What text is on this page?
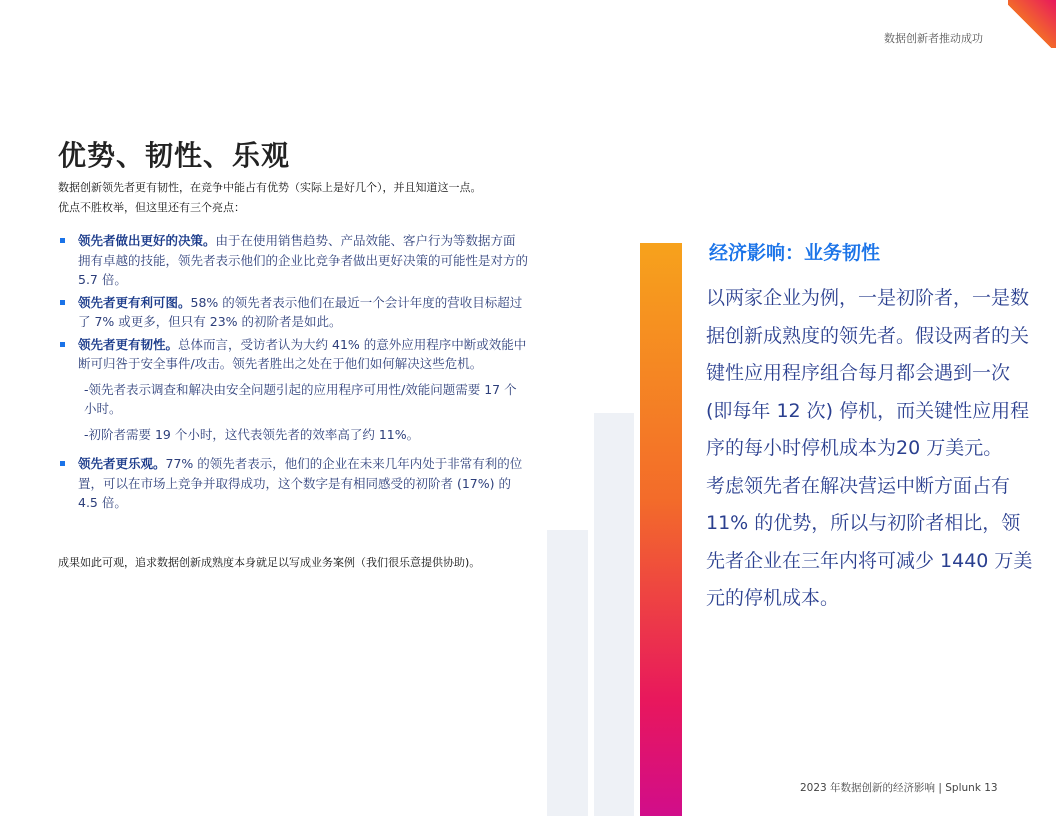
数据创新者推动成功
优势、韧性、乐观
数据创新领先者更有韧性，在竞争中能占有优势（实际上是好几个），并且知道这一点。
优点不胜枚举，但这里还有三个亮点：
领先者做出更好的决策。由于在使用销售趋势、产品效能、客户行为等数据方面拥有卓越的技能，领先者表示他们的企业比竞争者做出更好决策的可能性是对方的 5.7 倍。
领先者更有利可图。58% 的领先者表示他们在最近一个会计年度的营收目标超过了 7% 或更多，但只有 23% 的初阶者是如此。
领先者更有韧性。总体而言，受访者认为大约 41% 的意外应用程序中断或效能中断可归咎于安全事件/攻击。领先者胜出之处在于他们如何解决这些危机。
-领先者表示调查和解决由安全问题引起的应用程序可用性/效能问题需要 17 个小时。
-初阶者需要 19 个小时，这代表领先者的效率高了约 11%。
领先者更乐观。77% 的领先者表示，他们的企业在未来几年内处于非常有利的位置，可以在市场上竞争并取得成功，这个数字是有相同感受的初阶者 (17%) 的 4.5 倍。
成果如此可观，追求数据创新成熟度本身就足以写成业务案例（我们很乐意提供协助)。
经济影响：业务韧性

以两家企业为例，一是初阶者，一是数据创新成熟度的领先者。假设两者的关键性应用程序组合每月都会遇到一次 (即每年 12 次) 停机，而关键性应用程序的每小时停机成本为20 万美元。

考虑领先者在解决营运中断方面占有11% 的优势，所以与初阶者相比，领先者企业在三年内将可减少 1440 万美元的停机成本。

2023 年数据创新的经济影响 | Splunk 13
